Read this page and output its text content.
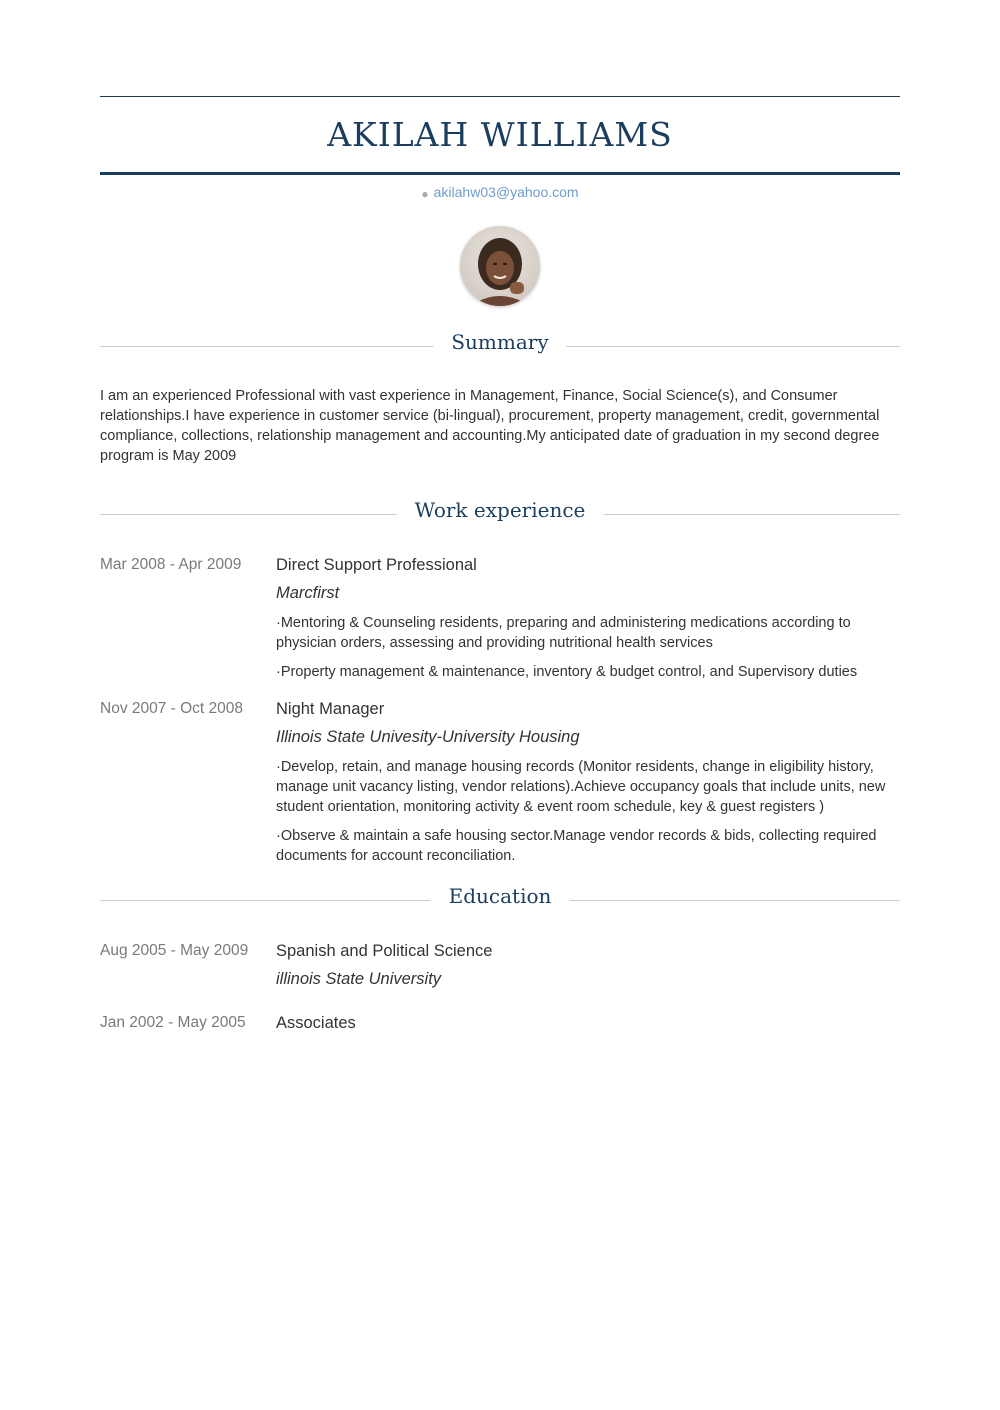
AKILAH WILLIAMS
● akilahw03@yahoo.com
Summary
I am an experienced Professional with vast experience in Management, Finance, Social Science(s), and Consumer relationships.I have experience in customer service (bi-lingual), procurement, property management, credit, governmental compliance, collections, relationship management and accounting.My anticipated date of graduation in my second degree program is May 2009
Work experience
Mar 2008 - Apr 2009	Direct Support Professional
Marcfirst
·Mentoring & Counseling residents, preparing and administering medications according to physician orders, assessing and providing nutritional health services
·Property management & maintenance, inventory & budget control, and Supervisory duties
Nov 2007 - Oct 2008	Night Manager
Illinois State Univesity-University Housing
·Develop, retain, and manage housing records (Monitor residents, change in eligibility history, manage unit vacancy listing, vendor relations).Achieve occupancy goals that include units, new student orientation, monitoring activity & event room schedule, key & guest registers )
·Observe & maintain a safe housing sector.Manage vendor records & bids, collecting required documents for account reconciliation.
Education
Aug 2005 - May 2009	Spanish and Political Science
illinois State University
Jan 2002 - May 2005	Associates
